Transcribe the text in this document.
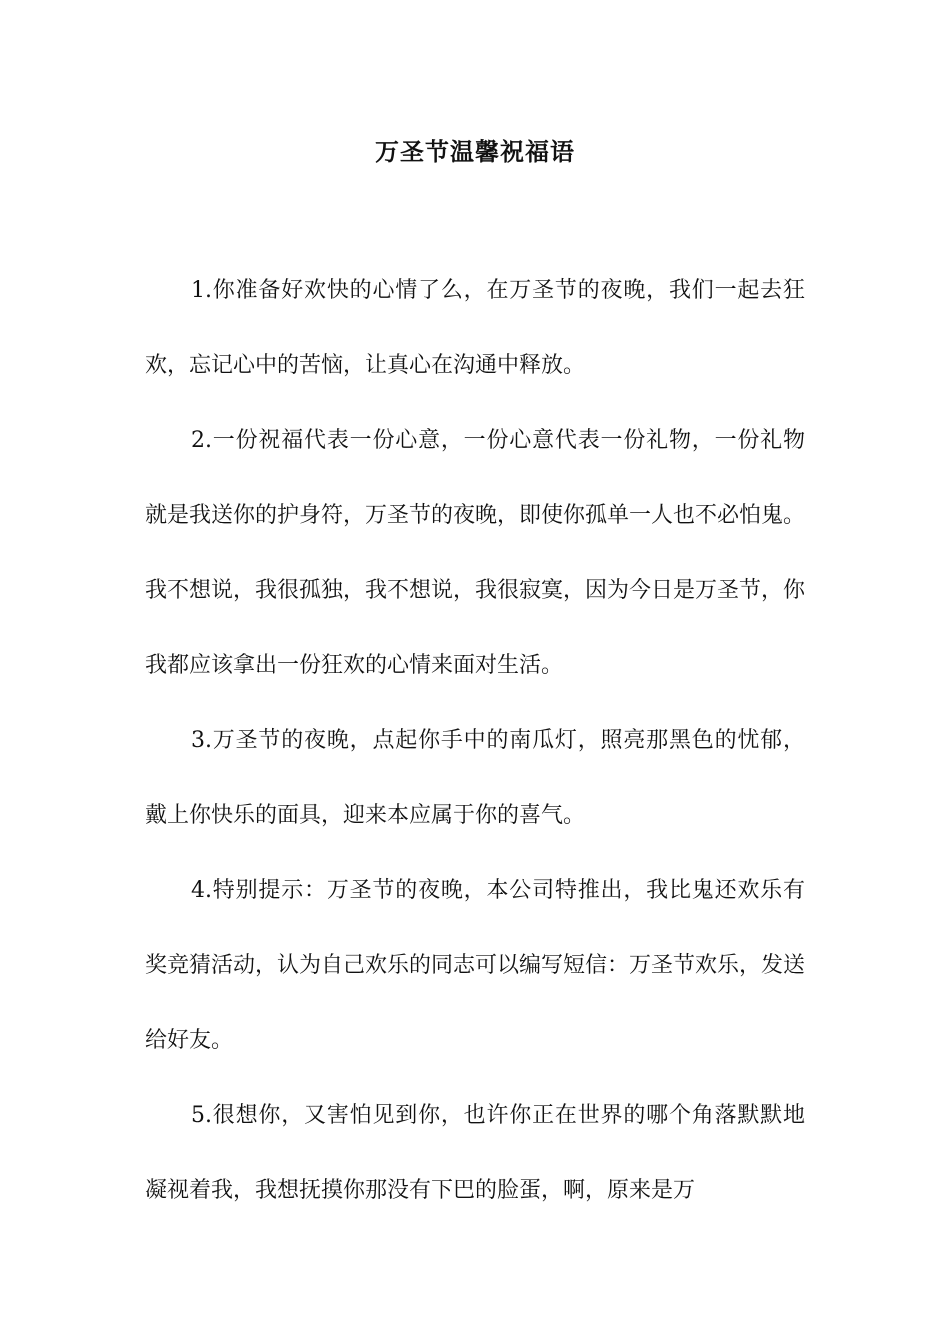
万圣节温馨祝福语

1.你准备好欢快的心情了么，在万圣节的夜晚，我们一起去狂欢，忘记心中的苦恼，让真心在沟通中释放。

2.一份祝福代表一份心意，一份心意代表一份礼物，一份礼物就是我送你的护身符，万圣节的夜晚，即使你孤单一人也不必怕鬼。我不想说，我很孤独，我不想说，我很寂寞，因为今日是万圣节，你我都应该拿出一份狂欢的心情来面对生活。

3.万圣节的夜晚，点起你手中的南瓜灯，照亮那黑色的忧郁，戴上你快乐的面具，迎来本应属于你的喜气。

4.特别提示：万圣节的夜晚，本公司特推出，我比鬼还欢乐有奖竞猜活动，认为自己欢乐的同志可以编写短信：万圣节欢乐，发送给好友。

5.很想你，又害怕见到你，也许你正在世界的哪个角落默默地凝视着我，我想抚摸你那没有下巴的脸蛋，啊，原来是万
